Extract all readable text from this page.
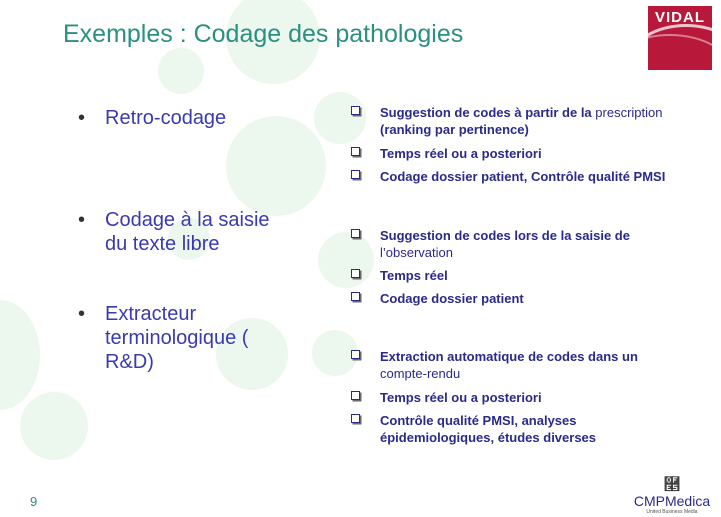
Exemples : Codage des pathologies
VIDAL
• Retro-codage
• Codage à la saisie du texte libre
• Extracteur terminologique ( R&D)
Suggestion de codes à partir de la prescription
(ranking par pertinence)
Temps réel ou a posteriori
Codage dossier patient, Contrôle qualité PMSI
Suggestion de codes lors de la saisie de
l’observation
Temps réel
Codage dossier patient
Extraction automatique de codes dans un
compte-rendu
Temps réel ou a posteriori
Contrôle qualité PMSI, analyses épidemiologiques, études diverses
9
࿥
CMPMedica
United Business Media
